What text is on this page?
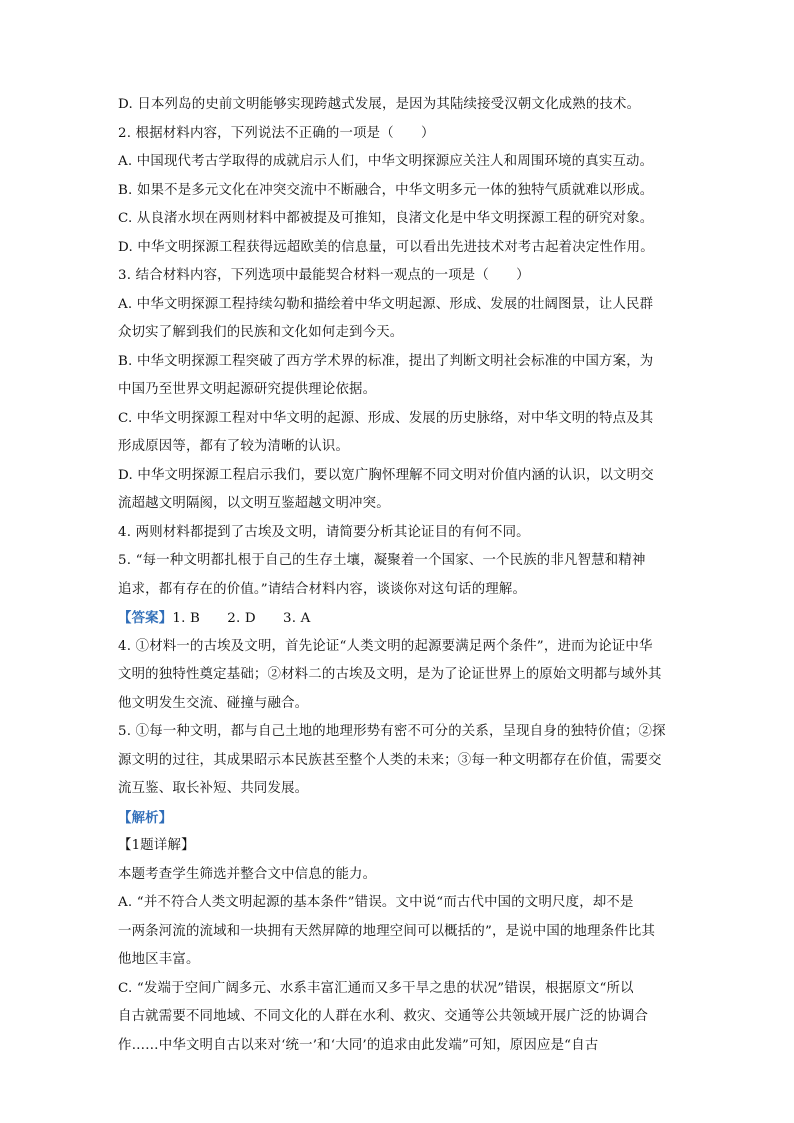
D. 日本列岛的史前文明能够实现跨越式发展，是因为其陆续接受汉朝文化成熟的技术。
2. 根据材料内容，下列说法不正确的一项是（　　）
A. 中国现代考古学取得的成就启示人们，中华文明探源应关注人和周围环境的真实互动。
B. 如果不是多元文化在冲突交流中不断融合，中华文明多元一体的独特气质就难以形成。
C. 从良渚水坝在两则材料中都被提及可推知，良渚文化是中华文明探源工程的研究对象。
D. 中华文明探源工程获得远超欧美的信息量，可以看出先进技术对考古起着决定性作用。
3. 结合材料内容，下列选项中最能契合材料一观点的一项是（　　）
A. 中华文明探源工程持续勾勒和描绘着中华文明起源、形成、发展的壮阔图景，让人民群
众切实了解到我们的民族和文化如何走到今天。
B. 中华文明探源工程突破了西方学术界的标准，提出了判断文明社会标准的中国方案，为
中国乃至世界文明起源研究提供理论依据。
C. 中华文明探源工程对中华文明的起源、形成、发展的历史脉络，对中华文明的特点及其
形成原因等，都有了较为清晰的认识。
D. 中华文明探源工程启示我们，要以宽广胸怀理解不同文明对价值内涵的认识，以文明交
流超越文明隔阂，以文明互鉴超越文明冲突。
4. 两则材料都提到了古埃及文明，请简要分析其论证目的有何不同。
5. “每一种文明都扎根于自己的生存土壤，凝聚着一个国家、一个民族的非凡智慧和精神
追求，都有存在的价值。”请结合材料内容，谈谈你对这句话的理解。
【答案】1. B　　2. D　　3. A
4. ①材料一的古埃及文明，首先论证“人类文明的起源要满足两个条件”，进而为论证中华
文明的独特性奠定基础；②材料二的古埃及文明，是为了论证世界上的原始文明都与域外其
他文明发生交流、碰撞与融合。
5. ①每一种文明，都与自己土地的地理形势有密不可分的关系，呈现自身的独特价值；②探
源文明的过往，其成果昭示本民族甚至整个人类的未来；③每一种文明都存在价值，需要交
流互鉴、取长补短、共同发展。
【解析】
【1题详解】
本题考查学生筛选并整合文中信息的能力。
A. “并不符合人类文明起源的基本条件”错误。文中说“而古代中国的文明尺度，却不是
一两条河流的流域和一块拥有天然屏障的地理空间可以概括的”，是说中国的地理条件比其
他地区丰富。
C. “发端于空间广阔多元、水系丰富汇通而又多干旱之患的状况”错误，根据原文“所以
自古就需要不同地域、不同文化的人群在水利、救灾、交通等公共领域开展广泛的协调合
作……中华文明自古以来对‘统一’和‘大同’的追求由此发端”可知，原因应是“自古
